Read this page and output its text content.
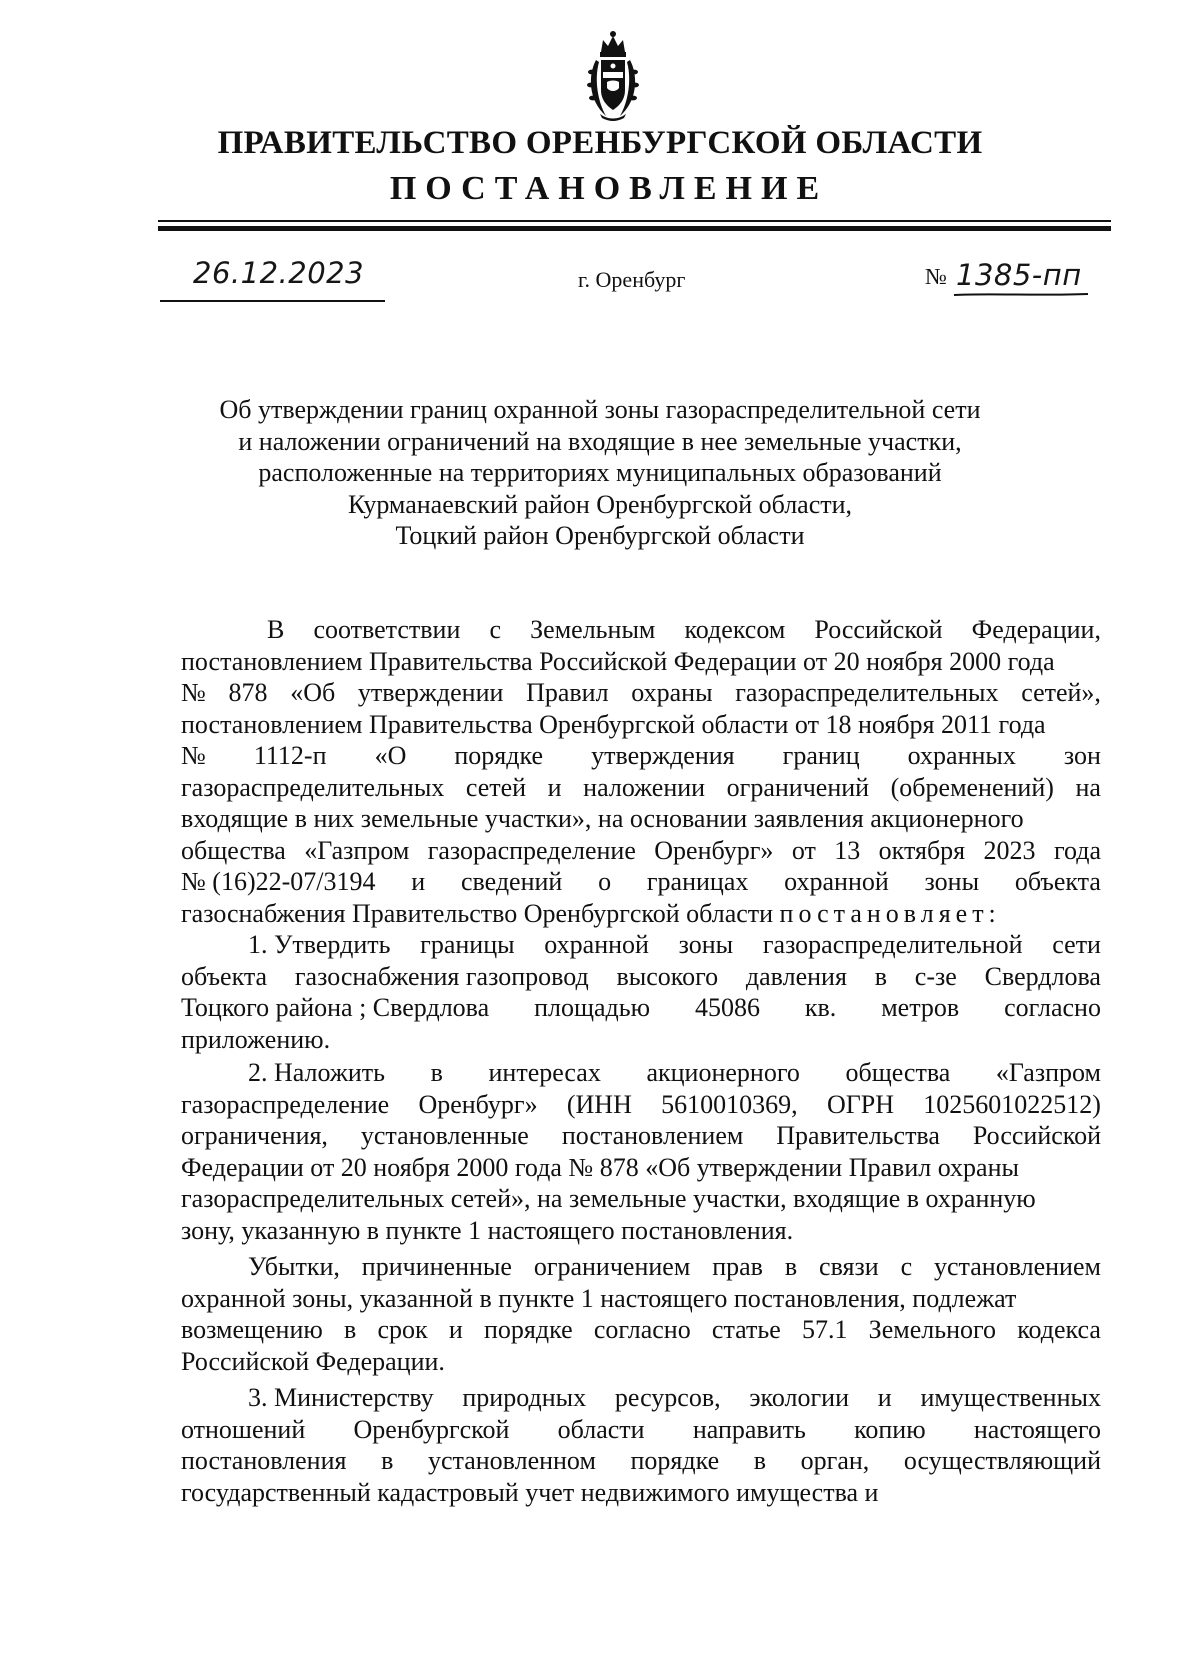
ПРАВИТЕЛЬСТВО ОРЕНБУРГСКОЙ ОБЛАСТИ
ПОСТАНОВЛЕНИЕ
26.12.2023	г. Оренбург	№ 1385-пп
Об утверждении границ охранной зоны газораспределительной сети
и наложении ограничений на входящие в нее земельные участки,
расположенные на территориях муниципальных образований
Курманаевский район Оренбургской области,
Тоцкий район Оренбургской области
В соответствии с Земельным кодексом Российской Федерации,
постановлением Правительства Российской Федерации от 20 ноября 2000 года
№ 878 «Об утверждении Правил охраны газораспределительных сетей»,
постановлением Правительства Оренбургской области от 18 ноября 2011 года
№ 1112-п «О порядке утверждения границ охранных зон
газораспределительных сетей и наложении ограничений (обременений) на
входящие в них земельные участки», на основании заявления акционерного
общества «Газпром газораспределение Оренбург» от 13 октября 2023 года
№ (16)22-07/3194 и сведений о границах охранной зоны объекта
газоснабжения Правительство Оренбургской области
постановляет:
1. Утвердить границы охранной зоны газораспределительной сети
объекта газоснабжения газопровод высокого давления в с-зе Свердлова
Тоцкого района ; Свердлова площадью 45086 кв. метров согласно
приложению.
2. Наложить в интересах акционерного общества «Газпром
газораспределение Оренбург» (ИНН 5610010369, ОГРН 1025601022512)
ограничения, установленные постановлением Правительства Российской
Федерации от 20 ноября 2000 года № 878 «Об утверждении Правил охраны
газораспределительных сетей», на земельные участки, входящие в охранную
зону, указанную в пункте 1 настоящего постановления.
Убытки, причиненные ограничением прав в связи с установлением
охранной зоны, указанной в пункте 1 настоящего постановления, подлежат
возмещению в срок и порядке согласно статье 57.1 Земельного кодекса
Российской Федерации.
3. Министерству природных ресурсов, экологии и имущественных
отношений Оренбургской области направить копию настоящего
постановления в установленном порядке в орган, осуществляющий
государственный
кадастровый
учет
недвижимого
имущества
и
